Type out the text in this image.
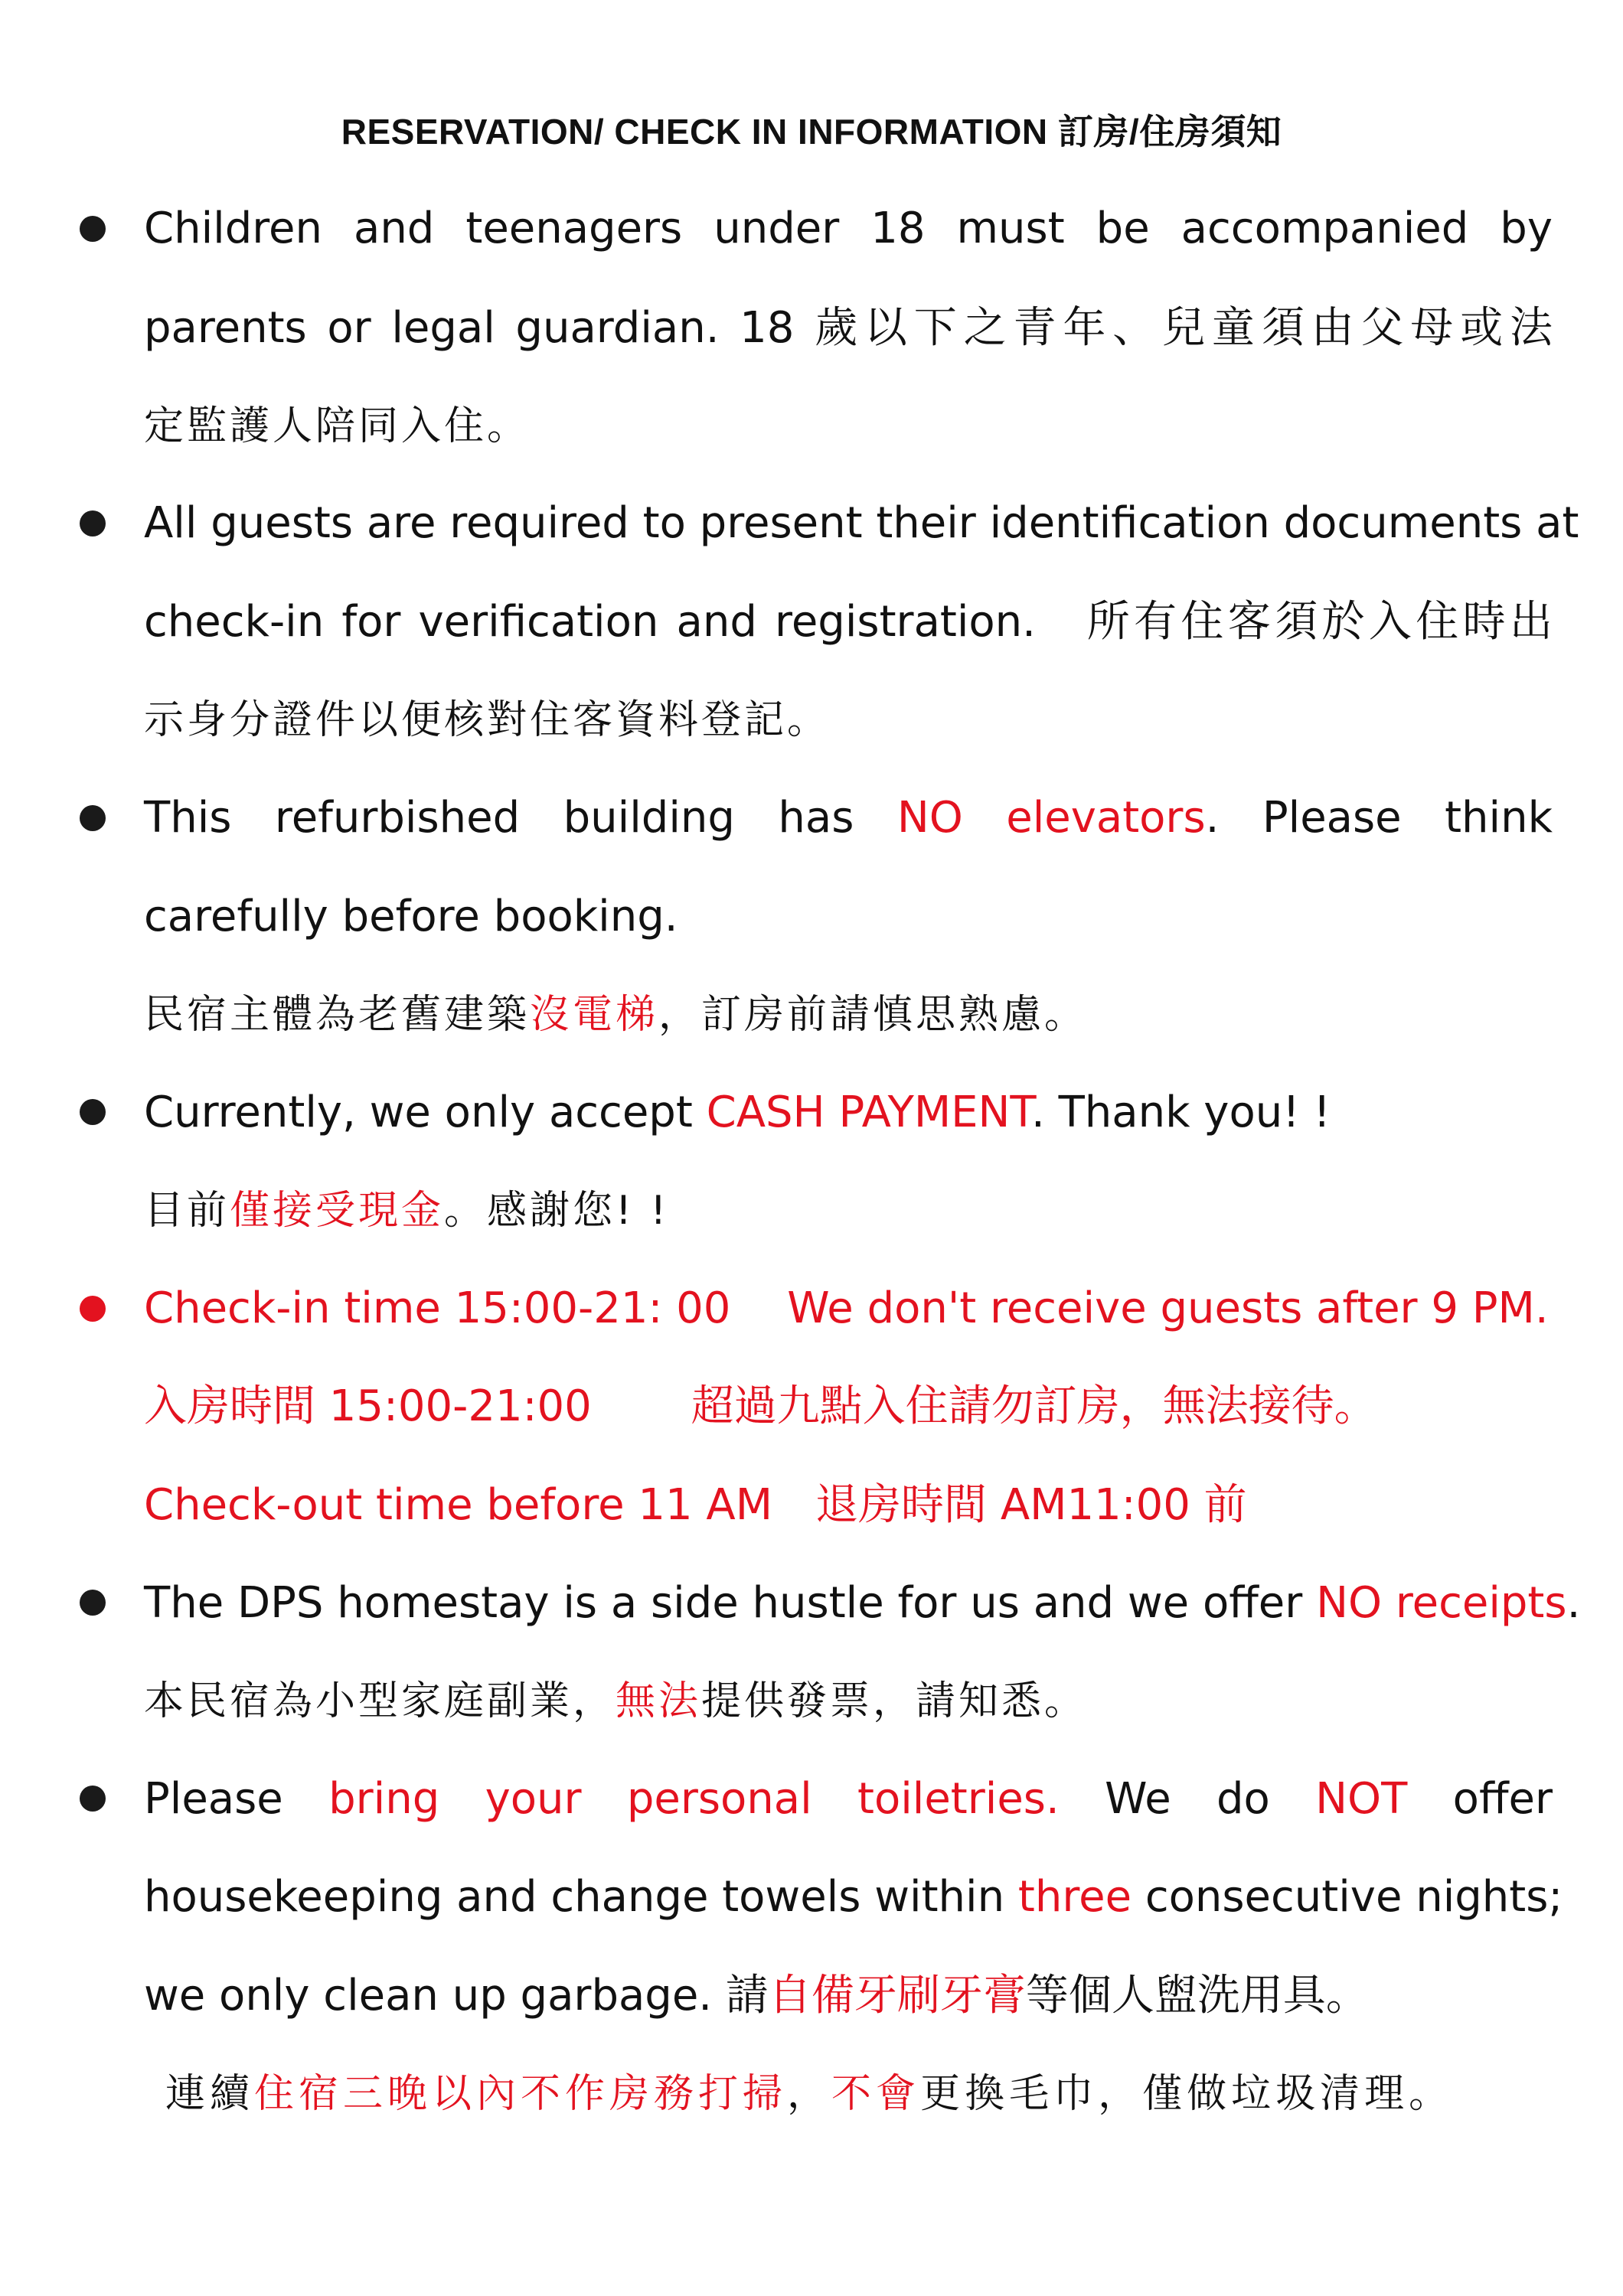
RESERVATION/ CHECK IN INFORMATION 訂房/住房須知
Children and teenagers under 18 must be accompanied by
parents or legal guardian. 18 歲以下之青年、兒童須由父母或法
定監護人陪同入住。
All guests are required to present their identification documents at
check-in for verification and registration.　所有住客須於入住時出
示身分證件以便核對住客資料登記。
This refurbished building has NO elevators. Please think
carefully before booking.
民宿主體為老舊建築沒電梯，訂房前請慎思熟慮。
Currently, we only accept CASH PAYMENT. Thank you! !
目前僅接受現金。感謝您! !
Check-in time 15:00-21: 00　 We don't receive guests after 9 PM.
入房時間 15:00-21:00　　 超過九點入住請勿訂房，無法接待。
Check-out time before 11 AM　退房時間 AM11:00 前
The DPS homestay is a side hustle for us and we offer NO receipts.
本民宿為小型家庭副業，無法提供發票，請知悉。
Please bring your personal toiletries. We do NOT offer
housekeeping and change towels within three consecutive nights;
we only clean up garbage. 請自備牙刷牙膏等個人盥洗用具。
連續住宿三晚以內不作房務打掃，不會更換毛巾，僅做垃圾清理。
